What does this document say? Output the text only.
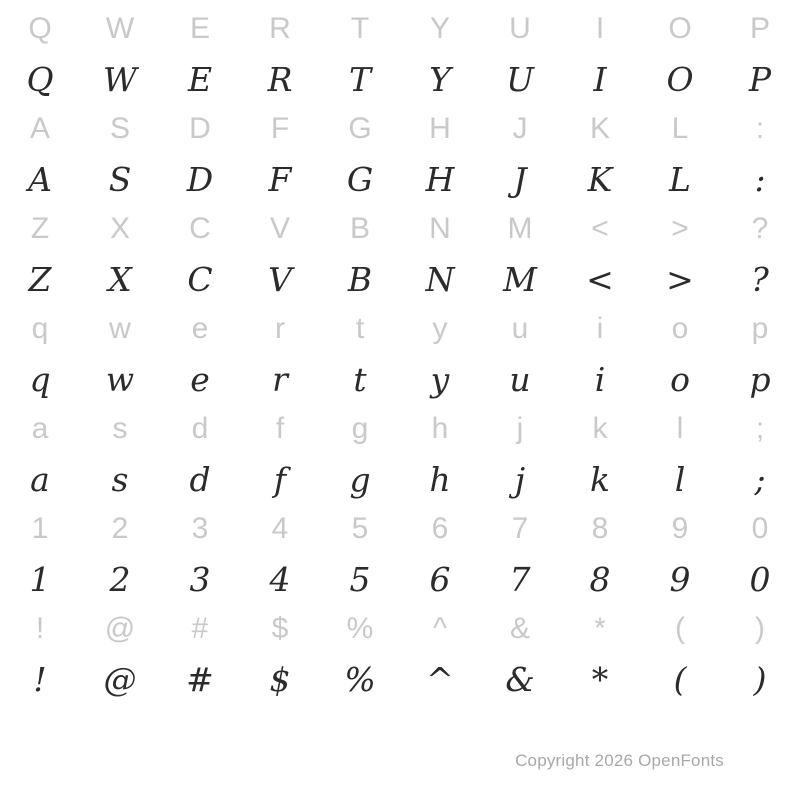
Q	W	E	R	T	Y	U	I	O	P
Q	W	E	R	T	Y	U	I	O	P
A	S	D	F	G	H	J	K	L	:
A	S	D	F	G	H	J	K	L	:
Z	X	C	V	B	N	M	<	>	?
Z	X	C	V	B	N	M	<	>	?
q	w	e	r	t	y	u	i	o	p
q	w	e	r	t	y	u	i	o	p
a	s	d	f	g	h	j	k	l	;
a	s	d	f	g	h	j	k	l	;
1	2	3	4	5	6	7	8	9	0
1	2	3	4	5	6	7	8	9	0
!	@	#	$	%	^	&	*	(	)
!	@	#	$	%	^	&	*	(	)
Copyright 2026 OpenFonts
